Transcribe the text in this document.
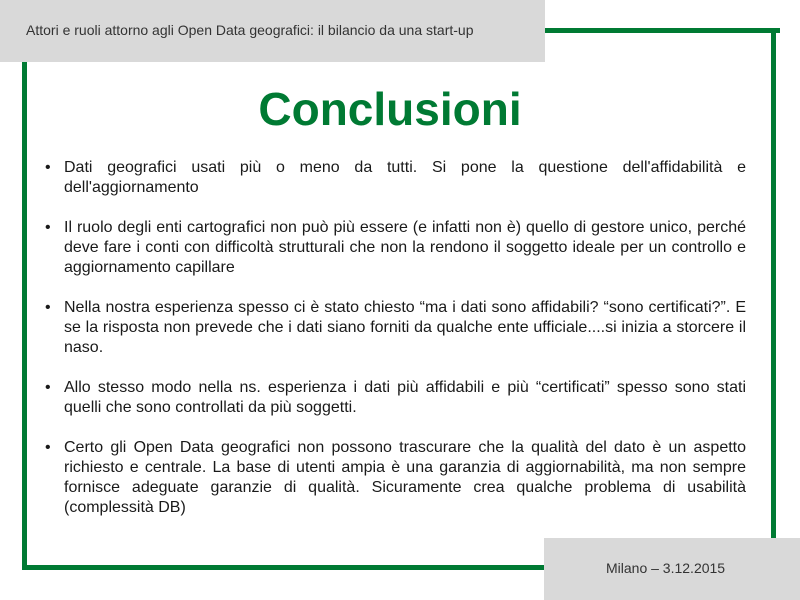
Attori e ruoli attorno agli Open Data geografici: il bilancio da una start-up
Conclusioni
• Dati geografici usati più o meno da tutti. Si pone la questione dell'affidabilità e dell'aggiornamento
• Il ruolo degli enti cartografici non può più essere (e infatti non è) quello di gestore unico, perché deve fare i conti con difficoltà strutturali che non la rendono il soggetto ideale per un controllo e aggiornamento capillare
• Nella nostra esperienza spesso ci è stato chiesto “ma i dati sono affidabili? “sono certificati?”. E se la risposta non prevede che i dati siano forniti da qualche ente ufficiale....si inizia a storcere il naso.
• Allo stesso modo nella ns. esperienza i dati più affidabili e più “certificati” spesso sono stati quelli che sono controllati da più soggetti.
• Certo gli Open Data geografici non possono trascurare che la qualità del dato è un aspetto richiesto e centrale. La base di utenti ampia è una garanzia di aggiornabilità, ma non sempre fornisce adeguate garanzie di qualità. Sicuramente crea qualche problema di usabilità (complessità DB)
Milano – 3.12.2015
